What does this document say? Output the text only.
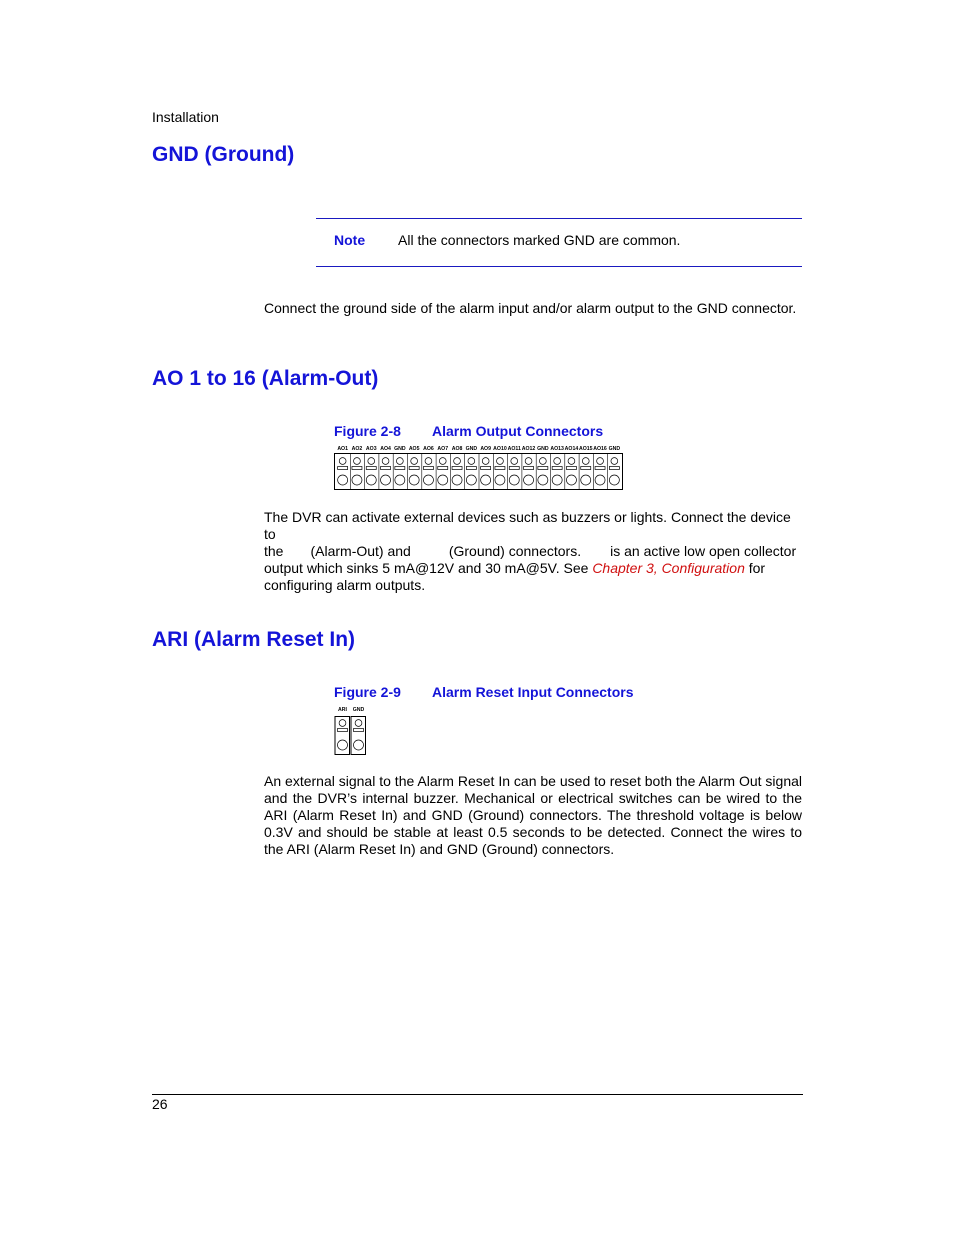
Installation
GND (Ground)
Note All the connectors marked GND are common.
Connect the ground side of the alarm input and/or alarm output to the GND connector.
AO 1 to 16 (Alarm-Out)
Figure 2-8 Alarm Output Connectors
AO1 AO2 AO3 AO4 GND AO5 AO6 AO7 AO8 GND AO9 AO10 AO11 AO12 GND AO13 AO14 AO15 AO16 GND
The DVR can activate external devices such as buzzers or lights. Connect the device to
the (Alarm-Out) and	(Ground) connectors. is an active low open collector
output which sinks 5 mA@12V and 30 mA@5V. See Chapter 3, Configuration for
configuring alarm outputs.
ARI (Alarm Reset In)
Figure 2-9 Alarm Reset Input Connectors
ARI GND
An external signal to the Alarm Reset In can be used to reset both the Alarm Out signal and the DVR’s internal buzzer. Mechanical or electrical switches can be wired to the ARI (Alarm Reset In) and GND (Ground) connectors. The threshold voltage is below 0.3V and should be stable at least 0.5 seconds to be detected. Connect the wires to the ARI (Alarm Reset In) and GND (Ground) connectors.
26
